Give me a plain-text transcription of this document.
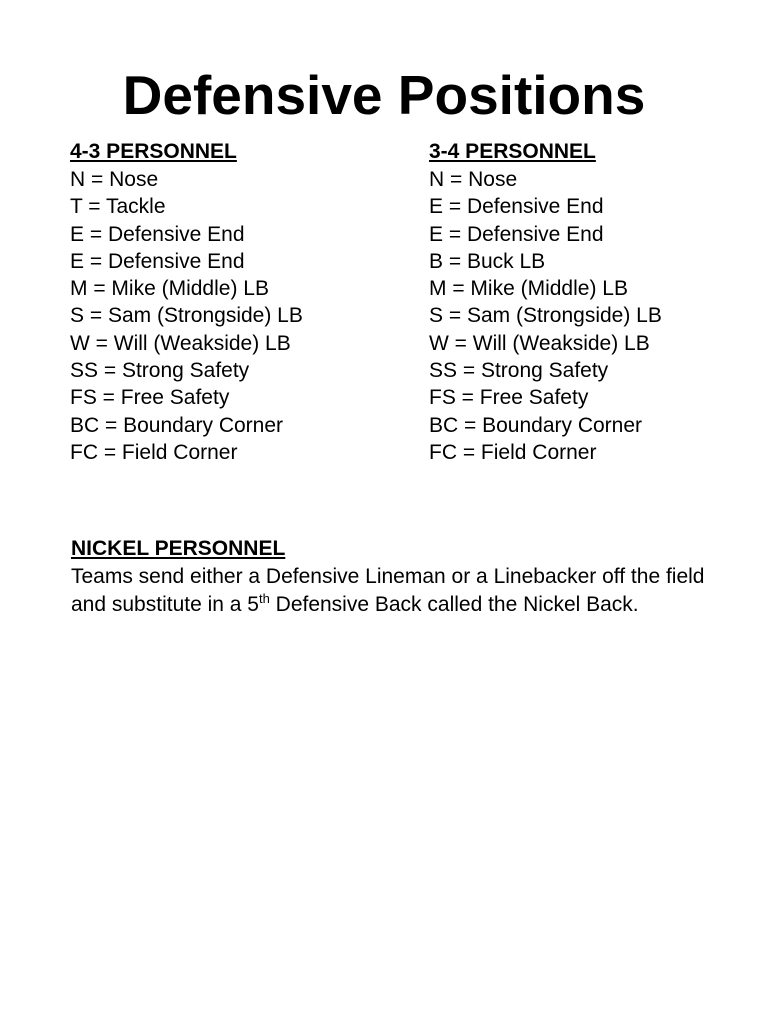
Defensive Positions
4-3 PERSONNEL
N = Nose
T = Tackle
E = Defensive End
E = Defensive End
M = Mike (Middle) LB
S = Sam (Strongside) LB
W = Will (Weakside) LB
SS = Strong Safety
FS = Free Safety
BC = Boundary Corner
FC = Field Corner
3-4 PERSONNEL
N = Nose
E = Defensive End
E = Defensive End
B = Buck LB
M = Mike (Middle) LB
S = Sam (Strongside) LB
W = Will (Weakside) LB
SS = Strong Safety
FS = Free Safety
BC = Boundary Corner
FC = Field Corner
NICKEL PERSONNEL

Teams send either a Defensive Lineman or a Linebacker off the field and substitute in a 5th Defensive Back called the Nickel Back.
